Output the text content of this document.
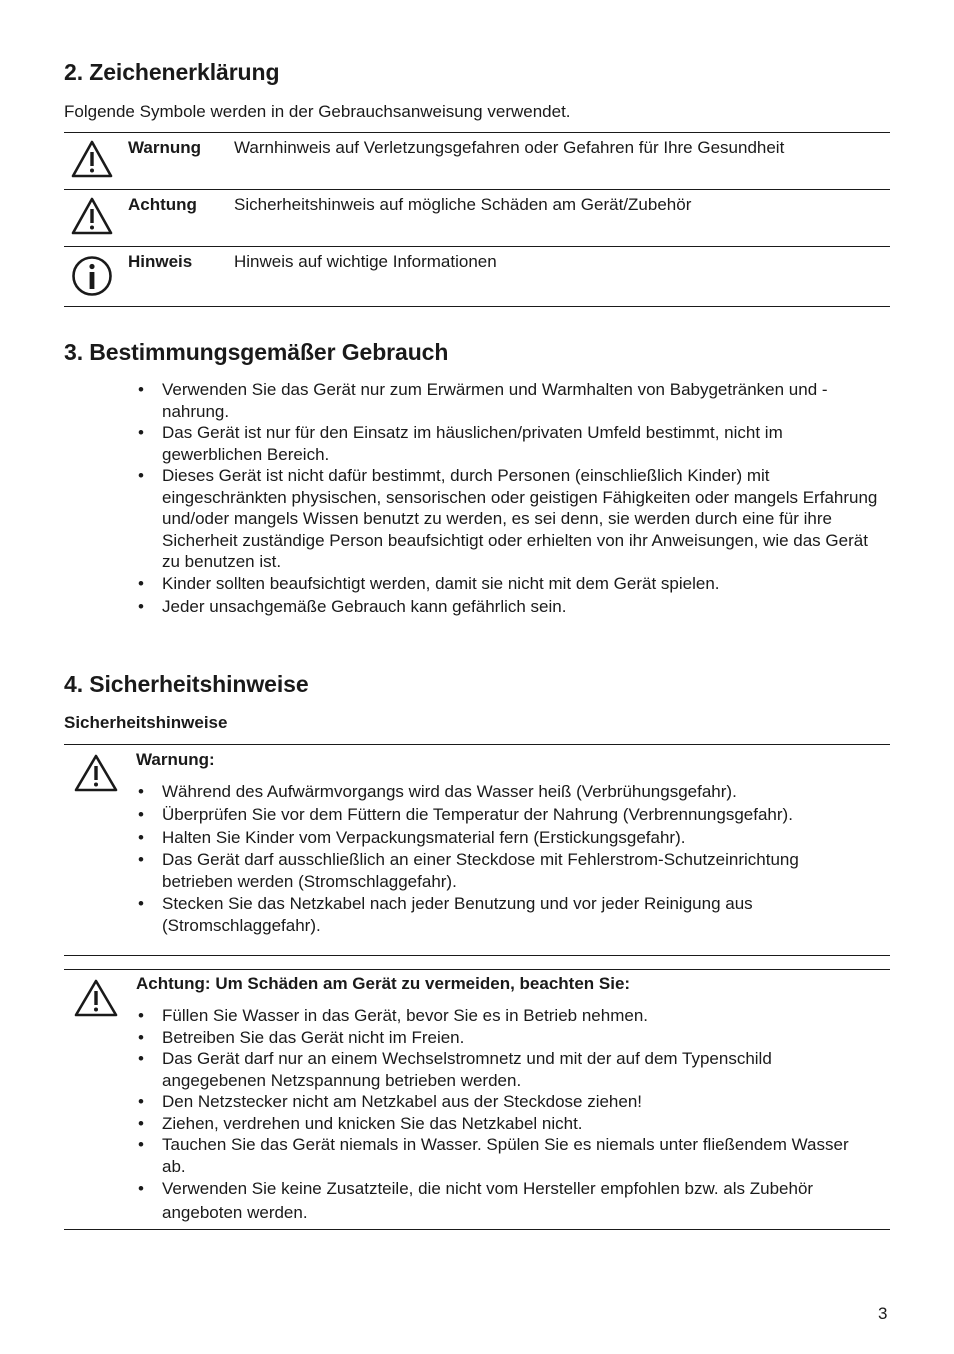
2. Zeichenerklärung
Folgende Symbole werden in der Gebrauchsanweisung verwendet.
Warnung Warnhinweis auf Verletzungsgefahren oder Gefahren für Ihre Gesundheit
Achtung Sicherheitshinweis auf mögliche Schäden am Gerät/Zubehör
Hinweis Hinweis auf wichtige Informationen
3. Bestimmungsgemäßer Gebrauch
• Verwenden Sie das Gerät nur zum Erwärmen und Warmhalten von Babygetränken und -nahrung.
• Das Gerät ist nur für den Einsatz im häuslichen/privaten Umfeld bestimmt, nicht im gewerblichen Bereich.
• Dieses Gerät ist nicht dafür bestimmt, durch Personen (einschließlich Kinder) mit eingeschränkten physischen, sensorischen oder geistigen Fähigkeiten oder mangels Erfahrung und/oder mangels Wissen benutzt zu werden, es sei denn, sie werden durch eine für ihre Sicherheit zuständige Person beaufsichtigt oder erhielten von ihr Anweisungen, wie das Gerät zu benutzen ist.
• Kinder sollten beaufsichtigt werden, damit sie nicht mit dem Gerät spielen.
• Jeder unsachgemäße Gebrauch kann gefährlich sein.
4. Sicherheitshinweise
Sicherheitshinweise
Warnung:
• Während des Aufwärmvorgangs wird das Wasser heiß (Verbrühungsgefahr).
• Überprüfen Sie vor dem Füttern die Temperatur der Nahrung (Verbrennungsgefahr).
• Halten Sie Kinder vom Verpackungsmaterial fern (Erstickungsgefahr).
• Das Gerät darf ausschließlich an einer Steckdose mit Fehlerstrom-Schutzeinrichtung betrieben werden (Stromschlaggefahr).
• Stecken Sie das Netzkabel nach jeder Benutzung und vor jeder Reinigung aus (Stromschlaggefahr).
Achtung: Um Schäden am Gerät zu vermeiden, beachten Sie:
• Füllen Sie Wasser in das Gerät, bevor Sie es in Betrieb nehmen.
• Betreiben Sie das Gerät nicht im Freien.
• Das Gerät darf nur an einem Wechselstromnetz und mit der auf dem Typenschild angegebenen Netzspannung betrieben werden.
• Den Netzstecker nicht am Netzkabel aus der Steckdose ziehen!
• Ziehen, verdrehen und knicken Sie das Netzkabel nicht.
• Tauchen Sie das Gerät niemals in Wasser. Spülen Sie es niemals unter fließendem Wasser ab.
• Verwenden Sie keine Zusatzteile, die nicht vom Hersteller empfohlen bzw. als Zubehör angeboten werden.
3
